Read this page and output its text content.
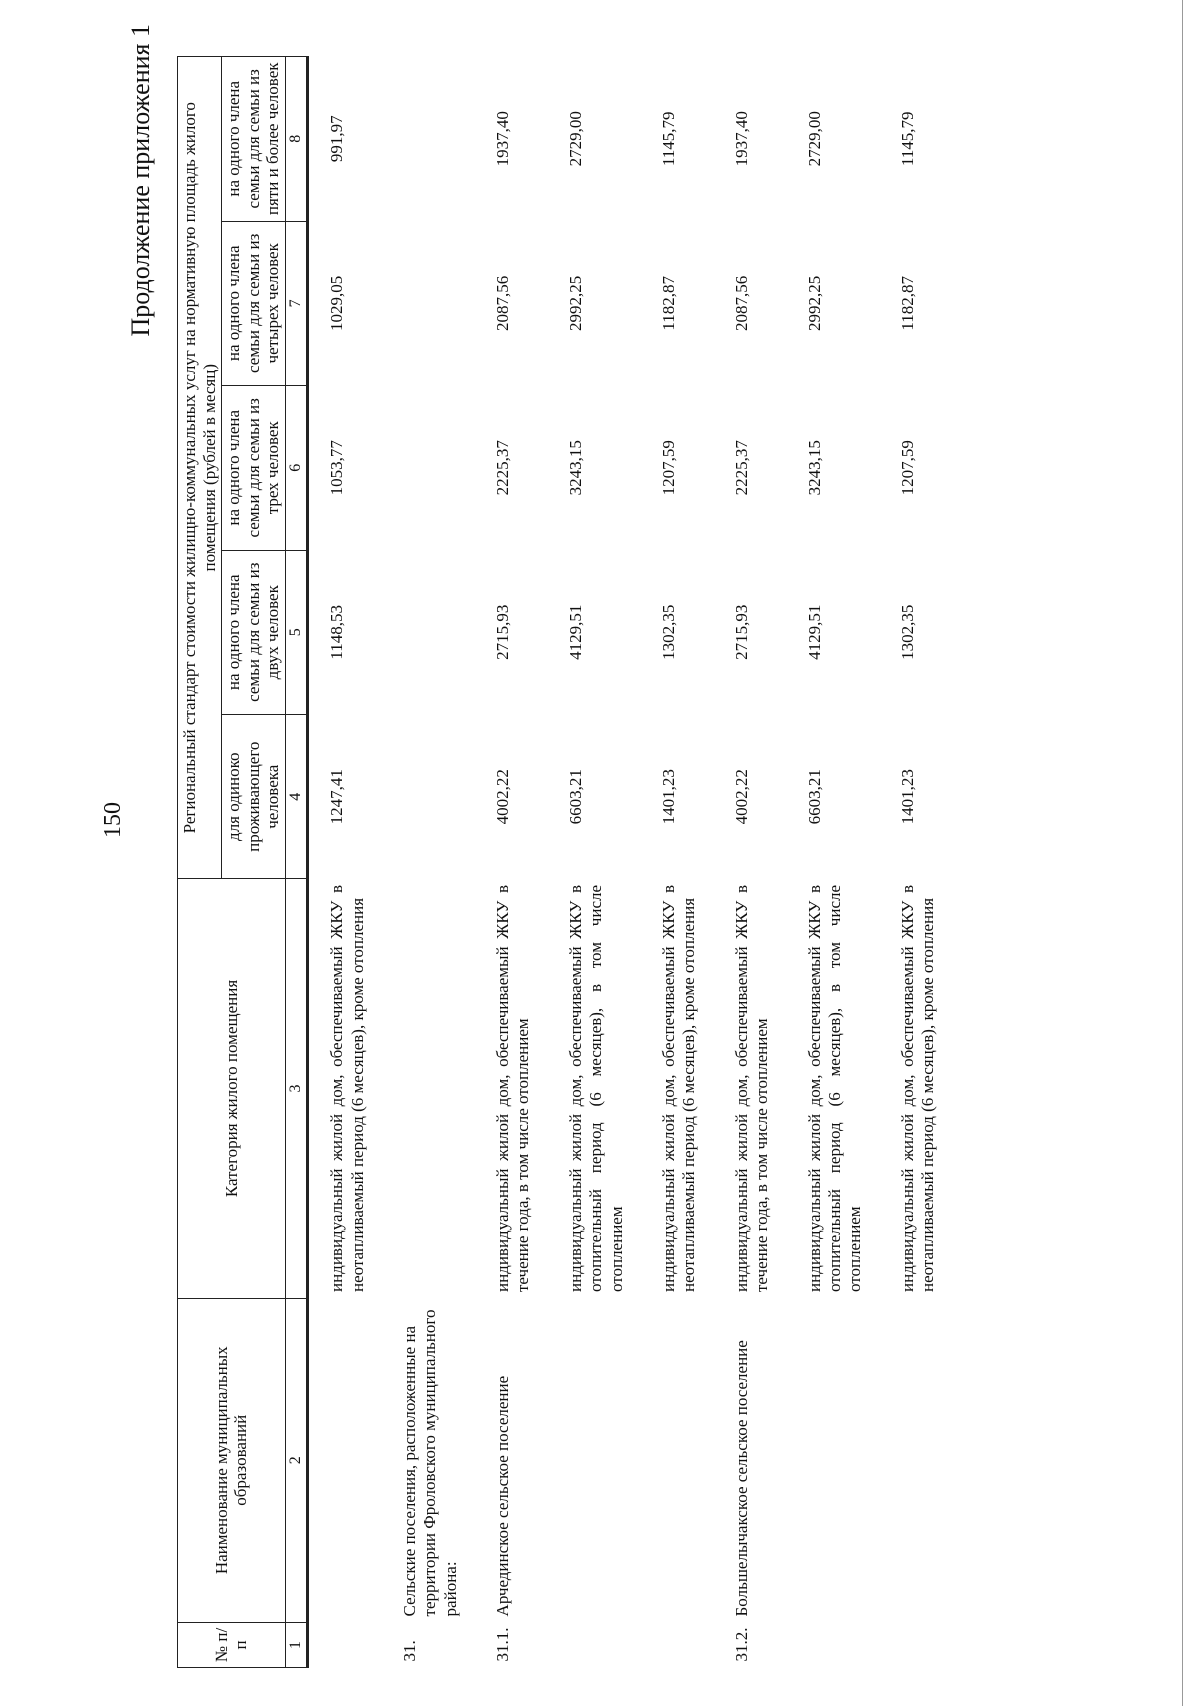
150
Продолжение приложения 1
№ п/п	Наименование муниципальных образований	Категория жилого помещения	Региональный стандарт стоимости жилищно-коммунальных услуг на нормативную площадь жилого помещения (рублей в месяц)				
			для одиноко проживающего человека	на одного члена семьи для семьи из двух человек	на одного члена семьи для семьи из трех человек	на одного члена семьи для семьи из четырех человек	на одного члена семьи для семьи из пяти и более человек
1	2	3	4	5	6	7	8
		индивидуальный жилой дом, обеспечиваемый ЖКУ в неотапливаемый период (6 месяцев), кроме отопления	1247,41	1148,53	1053,77	1029,05	991,97
31.	Сельские поселения, расположенные на территории Фроловского муниципального района:						
31.1.	Арчединское сельское поселение	индивидуальный жилой дом, обеспечиваемый ЖКУ в течение года, в том числе отоплением	4002,22	2715,93	2225,37	2087,56	1937,40
		индивидуальный жилой дом, обеспечиваемый ЖКУ в отопительный период (6 месяцев), в том числе отоплением	6603,21	4129,51	3243,15	2992,25	2729,00
		индивидуальный жилой дом, обеспечиваемый ЖКУ в неотапливаемый период (6 месяцев), кроме отопления	1401,23	1302,35	1207,59	1182,87	1145,79
31.2.	Большелычакское сельское поселение	индивидуальный жилой дом, обеспечиваемый ЖКУ в течение года, в том числе отоплением	4002,22	2715,93	2225,37	2087,56	1937,40
		индивидуальный жилой дом, обеспечиваемый ЖКУ в отопительный период (6 месяцев), в том числе отоплением	6603,21	4129,51	3243,15	2992,25	2729,00
		индивидуальный жилой дом, обеспечиваемый ЖКУ в неотапливаемый период (6 месяцев), кроме отопления	1401,23	1302,35	1207,59	1182,87	1145,79
